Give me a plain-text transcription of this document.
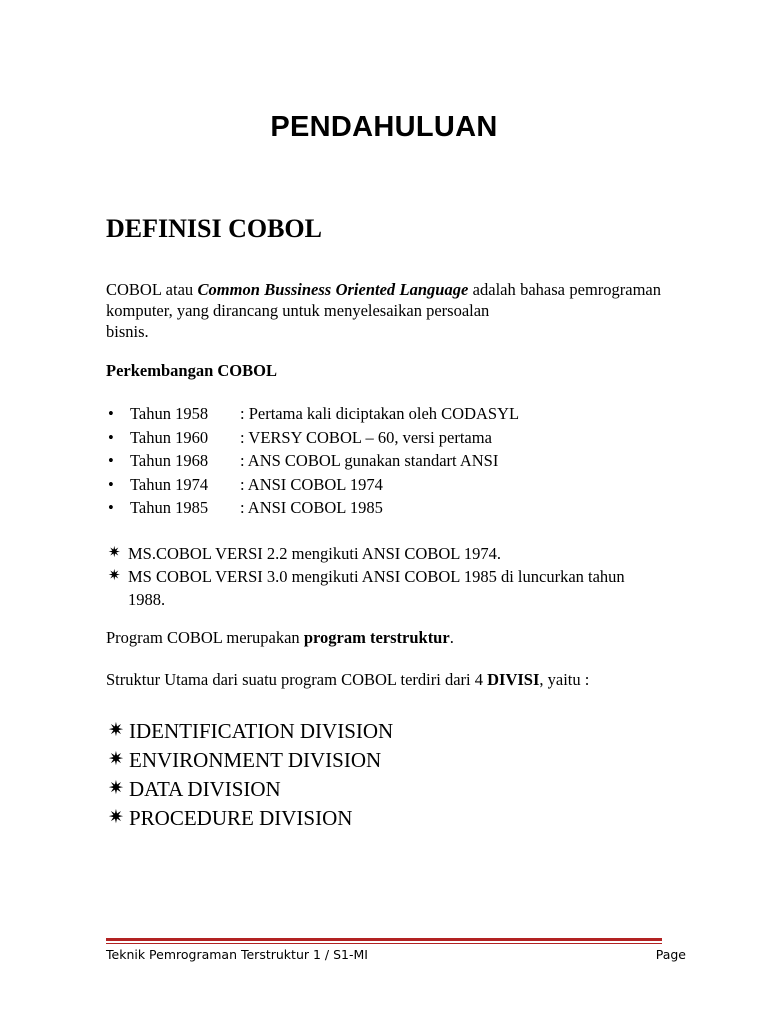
PENDAHULUAN
DEFINISI COBOL
COBOL atau Common Bussiness Oriented Language adalah bahasa pemrograman komputer, yang dirancang untuk menyelesaikan persoalan
bisnis.
Perkembangan COBOL
• Tahun 1958 : Pertama kali diciptakan oleh CODASYL
• Tahun 1960 : VERSY COBOL – 60, versi pertama
• Tahun 1968 : ANS COBOL gunakan standart ANSI
• Tahun 1974 : ANSI COBOL 1974
• Tahun 1985 : ANSI COBOL 1985
✷ MS.COBOL VERSI 2.2 mengikuti ANSI COBOL 1974.
✷ MS COBOL VERSI 3.0 mengikuti ANSI COBOL 1985 di luncurkan tahun 1988.
Program COBOL merupakan program terstruktur.
Struktur Utama dari suatu program COBOL terdiri dari 4 DIVISI, yaitu :
✷ IDENTIFICATION DIVISION
✷ ENVIRONMENT DIVISION
✷ DATA DIVISION
✷ PROCEDURE DIVISION
Teknik Pemrograman Terstruktur 1 / S1-MI	Page
